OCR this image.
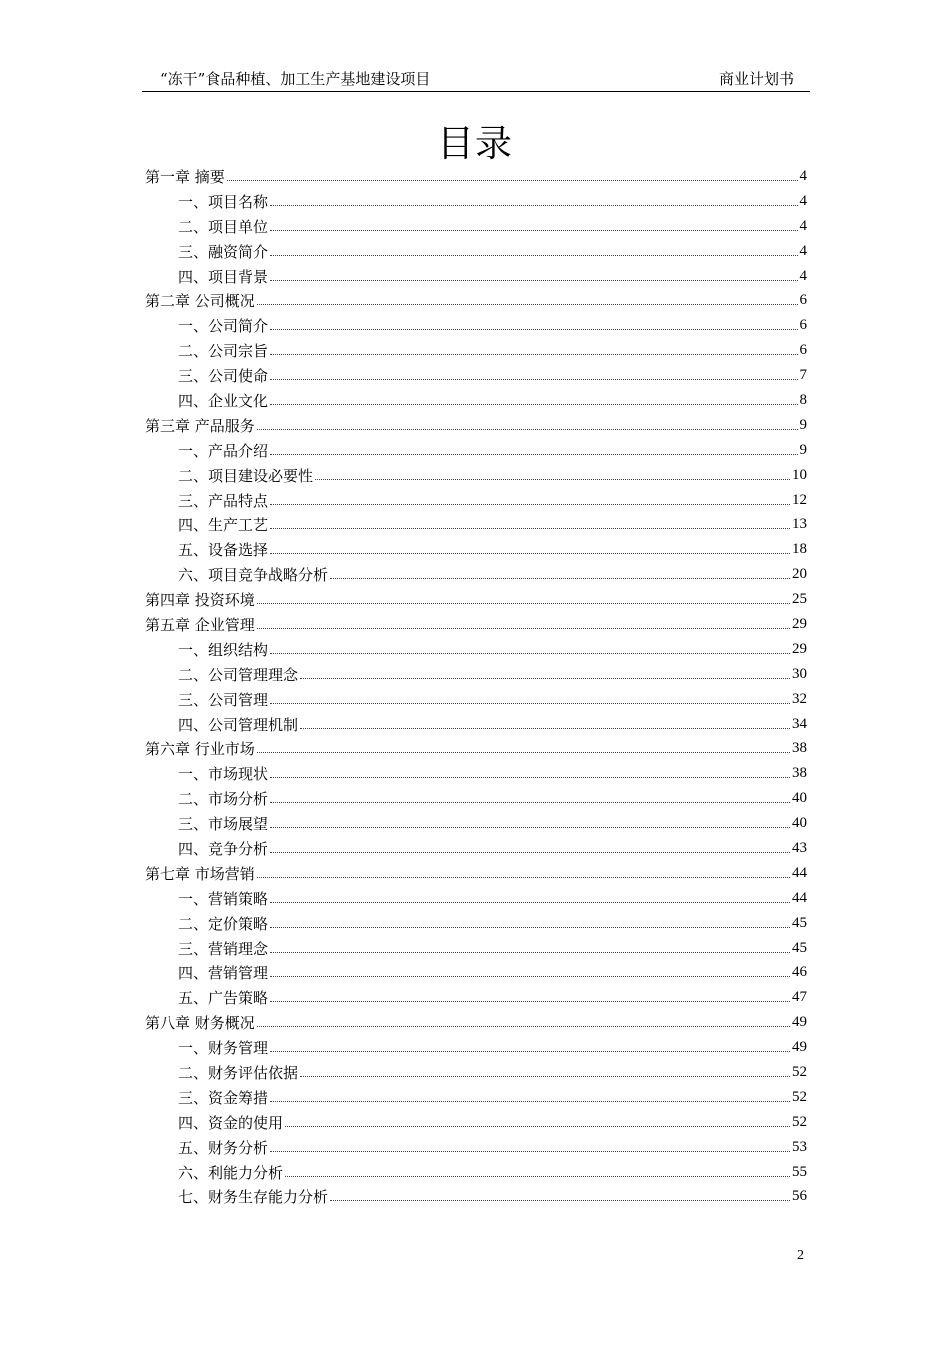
“冻干”食品种植、加工生产基地建设项目	商业计划书
目录
第一章 摘要	4
一、项目名称	4
二、项目单位	4
三、融资简介	4
四、项目背景	4
第二章 公司概况	6
一、公司简介	6
二、公司宗旨	6
三、公司使命	7
四、企业文化	8
第三章 产品服务	9
一、产品介绍	9
二、项目建设必要性	10
三、产品特点	12
四、生产工艺	13
五、设备选择	18
六、项目竞争战略分析	20
第四章 投资环境	25
第五章 企业管理	29
一、组织结构	29
二、公司管理理念	30
三、公司管理	32
四、公司管理机制	34
第六章 行业市场	38
一、市场现状	38
二、市场分析	40
三、市场展望	40
四、竞争分析	43
第七章 市场营销	44
一、营销策略	44
二、定价策略	45
三、营销理念	45
四、营销管理	46
五、广告策略	47
第八章 财务概况	49
一、财务管理	49
二、财务评估依据	52
三、资金筹措	52
四、资金的使用	52
五、财务分析	53
六、利能力分析	55
七、财务生存能力分析	56
2
